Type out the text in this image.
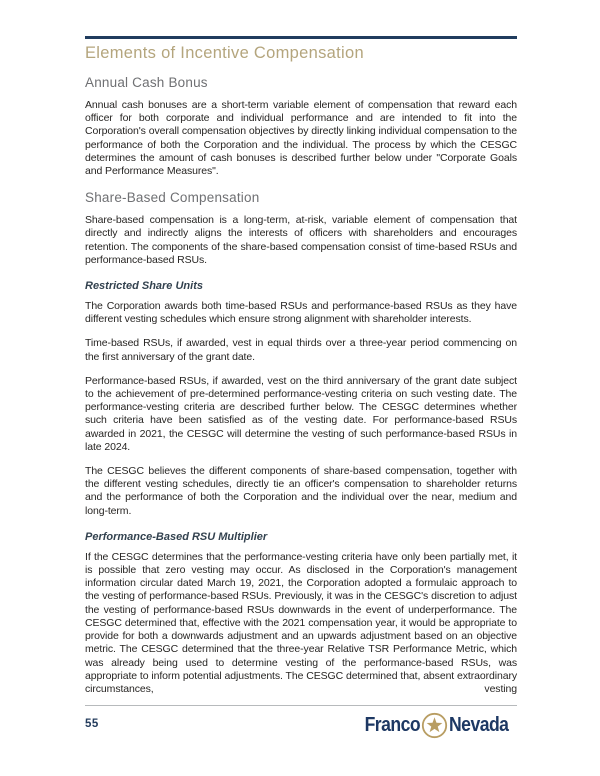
Elements of Incentive Compensation
Annual Cash Bonus

Annual cash bonuses are a short-term variable element of compensation that reward each officer for both corporate and individual performance and are intended to fit into the Corporation's overall compensation objectives by directly linking individual compensation to the performance of both the Corporation and the individual. The process by which the CESGC determines the amount of cash bonuses is described further below under "Corporate Goals and Performance Measures".

Share-Based Compensation

Share-based compensation is a long-term, at-risk, variable element of compensation that directly and indirectly aligns the interests of officers with shareholders and encourages retention. The components of the share-based compensation consist of time-based RSUs and performance-based RSUs.

Restricted Share Units

The Corporation awards both time-based RSUs and performance-based RSUs as they have different vesting schedules which ensure strong alignment with shareholder interests.

Time-based RSUs, if awarded, vest in equal thirds over a three-year period commencing on the first anniversary of the grant date.

Performance-based RSUs, if awarded, vest on the third anniversary of the grant date subject to the achievement of pre-determined performance-vesting criteria on such vesting date. The performance-vesting criteria are described further below. The CESGC determines whether such criteria have been satisfied as of the vesting date. For performance-based RSUs awarded in 2021, the CESGC will determine the vesting of such performance-based RSUs in late 2024.

The CESGC believes the different components of share-based compensation, together with the different vesting schedules, directly tie an officer's compensation to shareholder returns and the performance of both the Corporation and the individual over the near, medium and long-term.

Performance-Based RSU Multiplier

If the CESGC determines that the performance-vesting criteria have only been partially met, it is possible that zero vesting may occur. As disclosed in the Corporation's management information circular dated March 19, 2021, the Corporation adopted a formulaic approach to the vesting of performance-based RSUs. Previously, it was in the CESGC's discretion to adjust the vesting of performance-based RSUs downwards in the event of underperformance. The CESGC determined that, effective with the 2021 compensation year, it would be appropriate to provide for both a downwards adjustment and an upwards adjustment based on an objective metric. The CESGC determined that the three-year Relative TSR Performance Metric, which was already being used to determine vesting of the performance-based RSUs, was appropriate to inform potential adjustments. The CESGC determined that, absent extraordinary circumstances, vesting

55	Franco Nevada
